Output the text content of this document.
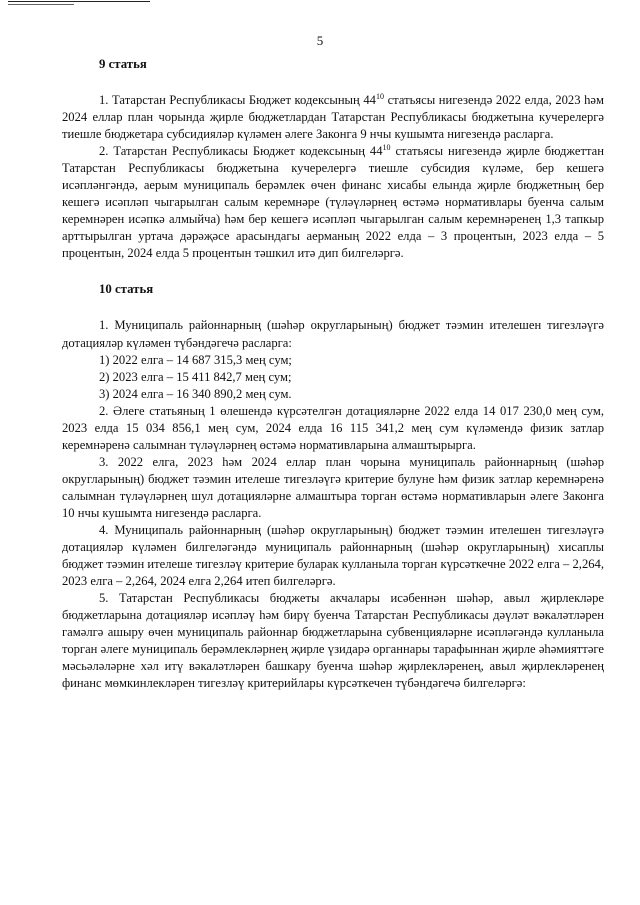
5
9 статья

1. Татарстан Республикасы Бюджет кодексының $44^{10}$ статьясы нигезендә 2022 елда, 2023 һәм 2024 еллар план чорында җирле бюджетлардан Татарстан Республикасы бюджетына кучерелергә тиешле бюджетара субсидияләр күләмен әлеге Законга 9 нчы кушымта нигезендә расларга.

2. Татарстан Республикасы Бюджет кодексының $44^{10}$ статьясы нигезендә җирле бюджеттан Татарстан Республикасы бюджетына кучерелергә тиешле субсидия күләме, бер кешегә исәпләнгәндә, аерым муниципаль берәмлек өчен финанс хисабы елында җирле бюджетның бер кешегә исәпләп чыгарылган салым керемнәре (түләүләрнең өстәмә нормативлары буенча салым керемнәрен исәпкә алмыйча) һәм бер кешегә исәпләп чыгарылган салым керемнәренең 1,3 тапкыр арттырылган уртача дәрәҗәсе арасындагы аерманың 2022 елда – 3 процентын, 2023 елда – 5 процентын, 2024 елда 5 процентын тәшкил итә дип билгеләргә.

10 статья

1. Муниципаль районнарның (шәһәр округларының) бюджет тәэмин ителешен тигезләүгә дотацияләр күләмен түбәндәгечә расларга:

1) 2022 елга – 14 687 315,3 мең сум;
2) 2023 елга – 15 411 842,7 мең сум;
3) 2024 елга – 16 340 890,2 мең сум.

2. Әлеге статьяның 1 өлешендә күрсәтелгән дотацияләрне 2022 елда 14 017 230,0 мең сум, 2023 елда 15 034 856,1 мең сум, 2024 елда 16 115 341,2 мең сум күләмендә физик затлар керемнәренә салымнан түләүләрнең өстәмә нормативларына алмаштырырга.

3. 2022 елга, 2023 һәм 2024 еллар план чорына муниципаль районнарның (шәһәр округларының) бюджет тәэмин ителеше тигезләүгә критерие булуне һәм физик затлар керемнәренә салымнан түләүләрнең шул дотацияләрне алмаштыра торган өстәмә нормативларын әлеге Законга 10 нчы кушымта нигезендә расларга.

4. Муниципаль районнарның (шәһәр округларының) бюджет тәэмин ителешен тигезләүгә дотацияләр күләмен билгеләгәндә муниципаль районнарның (шәһәр округларының) хисаплы бюджет тәэмин ителеше тигезләү критерие буларак кулланыла торган күрсәткечне 2022 елга – 2,264, 2023 елга – 2,264, 2024 елга 2,264 итеп билгеләргә.

5. Татарстан Республикасы бюджеты акчалары исәбеннән шәһәр, авыл җирлекләре бюджетларына дотацияләр исәпләү һәм бирү буенча Татарстан Республикасы дәүләт вәкаләтләрен гамәлгә ашыру өчен муниципаль районнар бюджетларына субвенцияләрне исәпләгәндә кулланыла торган әлеге муниципаль берәмлекләрнең җирле үзидарә органнары тарафыннан җирле әһәмияттәге мәсьәләләрне хәл итү вәкаләтләрен башкару буенча шәһәр җирлекләренең, авыл җирлекләренең финанс мөмкинлекләрен тигезләү критерийлары күрсәткечен түбәндәгечә билгеләргә:
